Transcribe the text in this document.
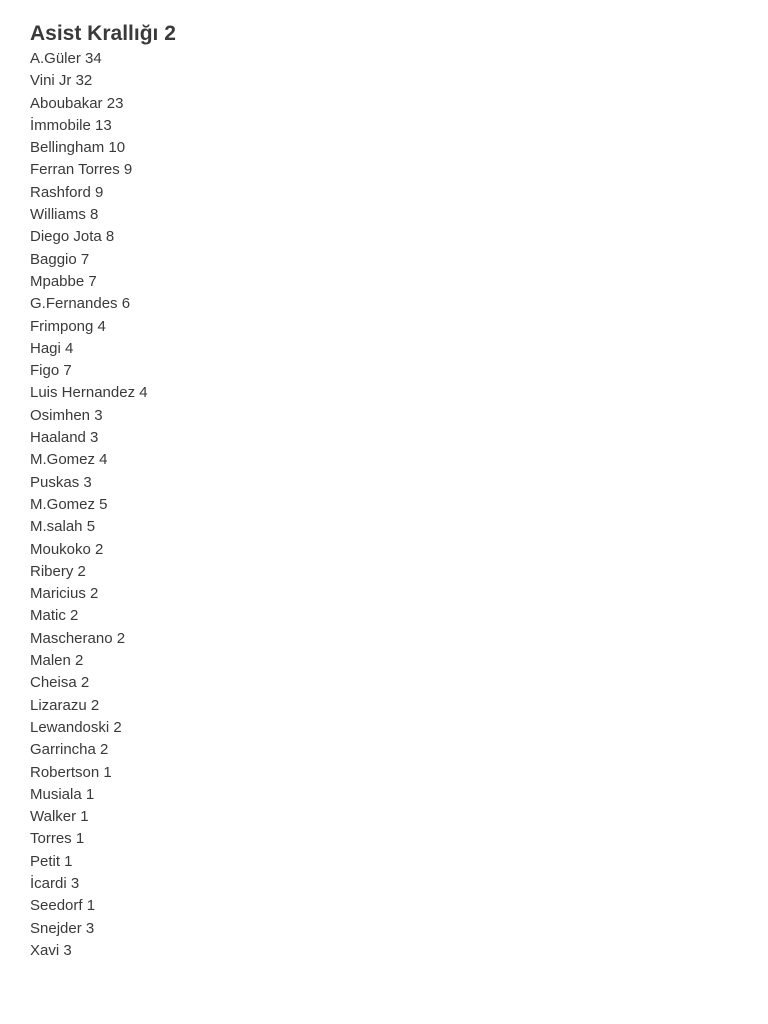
Asist Krallığı 2
A.Güler 34
Vini Jr 32
Aboubakar 23
İmmobile 13
Bellingham 10
Ferran Torres 9
Rashford 9
Williams 8
Diego Jota 8
Baggio 7
Mpabbe 7
G.Fernandes 6
Frimpong 4
Hagi 4
Figo 7
Luis Hernandez 4
Osimhen 3
Haaland 3
M.Gomez 4
Puskas 3
M.Gomez 5
M.salah 5
Moukoko 2
Ribery 2
Maricius 2
Matic 2
Mascherano 2
Malen 2
Cheisa 2
Lizarazu 2
Lewandoski 2
Garrincha 2
Robertson 1
Musiala 1
Walker 1
Torres 1
Petit 1
İcardi 3
Seedorf 1
Snejder 3
Xavi 3
